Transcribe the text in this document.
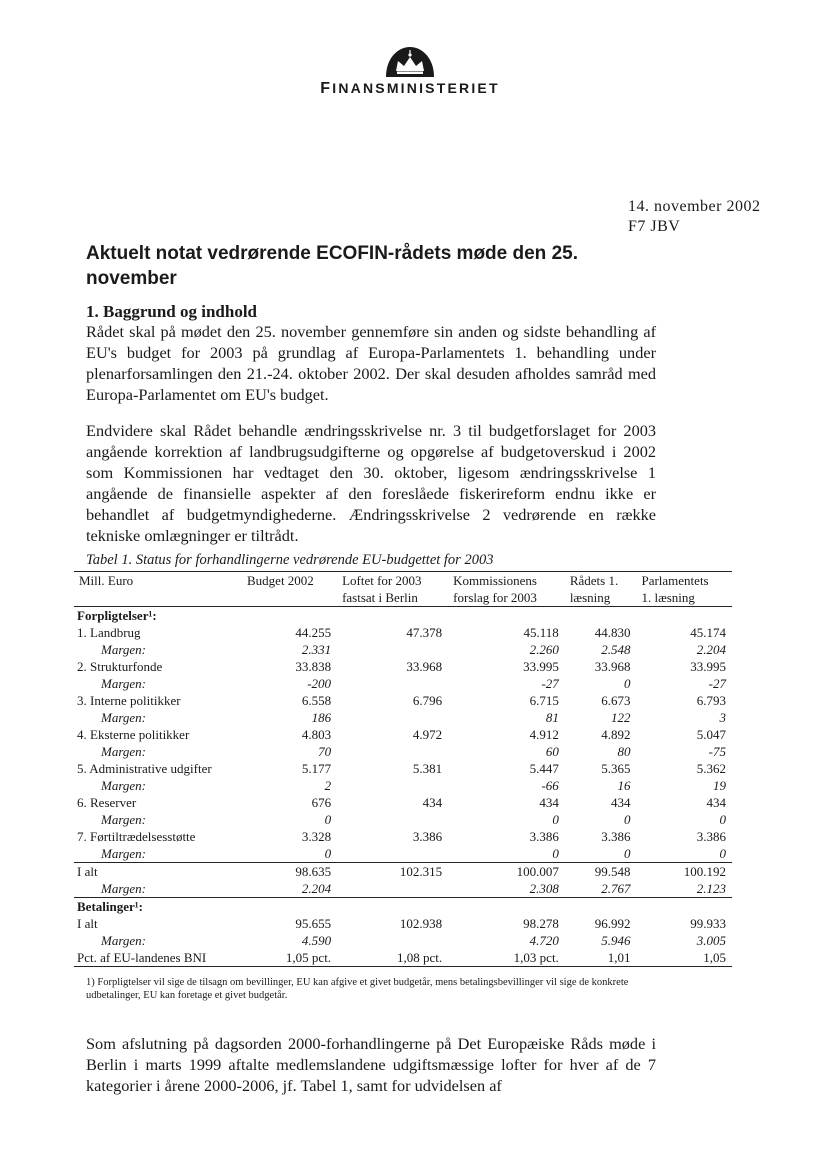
FINANSMINISTERIET
14. november 2002
F7 JBV
Aktuelt notat vedrørende ECOFIN-rådets møde den 25. november
1. Baggrund og indhold
Rådet skal på mødet den 25. november gennemføre sin anden og sidste behandling af EU's budget for 2003 på grundlag af Europa-Parlamentets 1. behandling under plenarforsamlingen den 21.-24. oktober 2002. Der skal desuden afholdes samråd med Europa-Parlamentet om EU's budget.
Endvidere skal Rådet behandle ændringsskrivelse nr. 3 til budgetforslaget for 2003 angående korrektion af landbrugsudgifterne og opgørelse af budgetoverskud i 2002 som Kommissionen har vedtaget den 30. oktober, ligesom ændringsskrivelse 1 angående de finansielle aspekter af den foreslåede fiskerireform endnu ikke er behandlet af budgetmyndighederne. Ændringsskrivelse 2 vedrørende en række tekniske omlægninger er tiltrådt.
Tabel 1. Status for forhandlingerne vedrørende EU-budgettet for 2003
Mill. Euro	Budget 2002	Loftet for 2003	Kommissionens	Rådets 1.	Parlamentets
		fastsat i Berlin	forslag for 2003	læsning	1. læsning
Forpligtelser¹:					
1. Landbrug	44.255	47.378	45.118	44.830	45.174
Margen:	2.331		2.260	2.548	2.204
2. Strukturfonde	33.838	33.968	33.995	33.968	33.995
Margen:	-200		-27	0	-27
3. Interne politikker	6.558	6.796	6.715	6.673	6.793
Margen:	186		81	122	3
4. Eksterne politikker	4.803	4.972	4.912	4.892	5.047
Margen:	70		60	80	-75
5. Administrative udgifter	5.177	5.381	5.447	5.365	5.362
Margen:	2		-66	16	19
6. Reserver	676	434	434	434	434
Margen:	0		0	0	0
7. Førtiltrædelsesstøtte	3.328	3.386	3.386	3.386	3.386
Margen:	0		0	0	0
I alt	98.635	102.315	100.007	99.548	100.192
Margen:	2.204		2.308	2.767	2.123
Betalinger¹:					
I alt	95.655	102.938	98.278	96.992	99.933
Margen:	4.590		4.720	5.946	3.005
Pct. af EU-landenes BNI	1,05 pct.	1,08 pct.	1,03 pct.	1,01	1,05
1) Forpligtelser vil sige de tilsagn om bevillinger, EU kan afgive et givet budgetår, mens betalingsbevillinger vil sige de konkrete udbetalinger, EU kan foretage et givet budgetår.
Som afslutning på dagsorden 2000-forhandlingerne på Det Europæiske Råds møde i Berlin i marts 1999 aftalte medlemslandene udgiftsmæssige lofter for hver af de 7 kategorier i årene 2000-2006, jf. Tabel 1, samt for udvidelsen af
